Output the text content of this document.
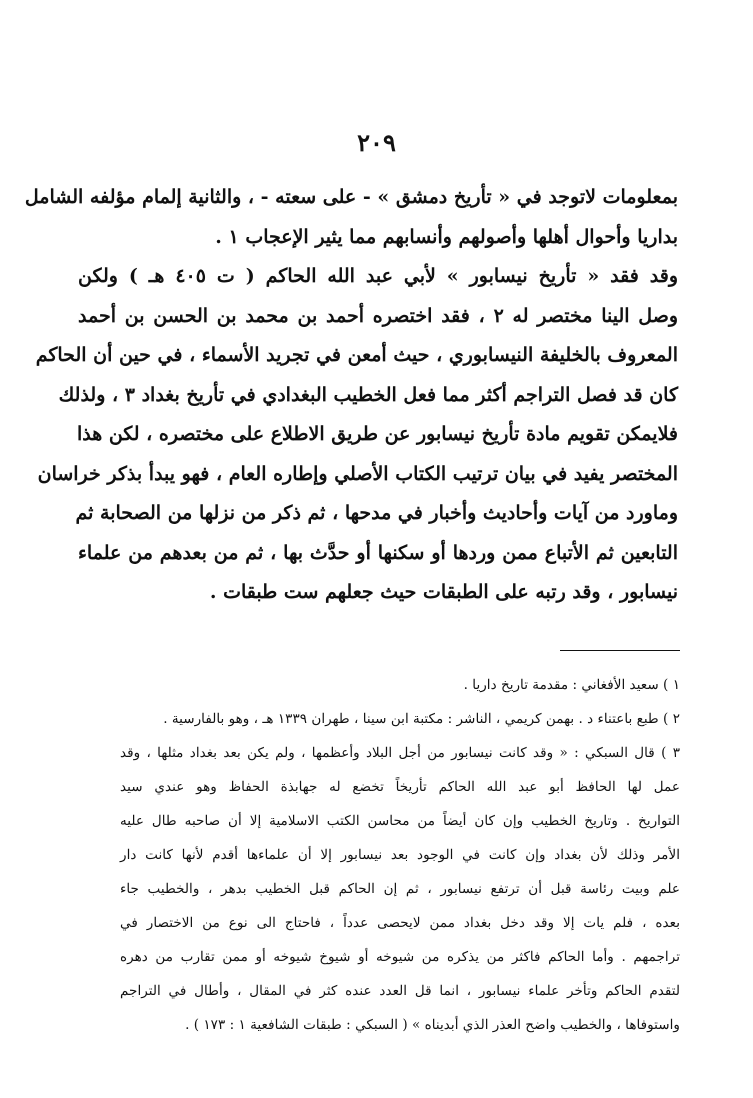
٢٠٩
بمعلومات لاتوجد في « تأريخ دمشق » - على سعته - ، والثانية إلمام مؤلفه الشامل
بداريا وأحوال أهلها وأصولهم وأنسابهم مما يثير الإعجاب ١ .
وقد فقد « تأريخ نيسابور » لأبي عبد الله الحاكم ( ت ٤٠٥ هـ ) ولكن
وصل الينا مختصر له ٢ ، فقد اختصره أحمد بن محمد بن الحسن بن أحمد
المعروف بالخليفة النيسابوري ، حيث أمعن في تجريد الأسماء ، في حين أن الحاكم
كان قد فصل التراجم أكثر مما فعل الخطيب البغدادي في تأريخ بغداد ٣ ، ولذلك
فلايمكن تقويم مادة تأريخ نيسابور عن طريق الاطلاع على مختصره ، لكن هذا
المختصر يفيد في بيان ترتيب الكتاب الأصلي وإطاره العام ، فهو يبدأ بذكر خراسان
وماورد من آيات وأحاديث وأخبار في مدحها ، ثم ذكر من نزلها من الصحابة ثم
التابعين ثم الأتباع ممن وردها أو سكنها أو حدَّث بها ، ثم من بعدهم من علماء
نيسابور ، وقد رتبه على الطبقات حيث جعلهم ست طبقات .
١ ) سعيد الأفغاني : مقدمة تاريخ داريا .
٢ ) طبع باعتناء د . بهمن كريمي ، الناشر : مكتبة ابن سينا ، طهران ١٣٣٩ هـ ، وهو بالفارسية .
٣ ) قال السبكي : « وقد كانت نيسابور من أجل البلاد وأعظمها ، ولم يكن بعد بغداد مثلها ، وقد
عمل لها الحافظ أبو عبد الله الحاكم تأريخاً تخضع له جهابذة الحفاظ وهو عندي سيد
التواريخ . وتاريخ الخطيب وإن كان أيضاً من محاسن الكتب الاسلامية إلا أن صاحبه طال عليه
الأمر وذلك لأن بغداد وإن كانت في الوجود بعد نيسابور إلا أن علماءها أقدم لأنها كانت دار
علم وبيت رئاسة قبل أن ترتفع نيسابور ، ثم إن الحاكم قبل الخطيب بدهر ، والخطيب جاء
بعده ، فلم يات إلا وقد دخل بغداد ممن لايحصى عدداً ، فاحتاج الى نوع من الاختصار في
تراجمهم . وأما الحاكم فاكثر من يذكره من شيوخه أو شيوخ شيوخه أو ممن تقارب من دهره
لتقدم الحاكم وتأخر علماء نيسابور ، انما قل العدد عنده كثر في المقال ، وأطال في التراجم
واستوفاها ، والخطيب واضح العذر الذي أبديناه » ( السبكي : طبقات الشافعية ١ : ١٧٣ ) .
